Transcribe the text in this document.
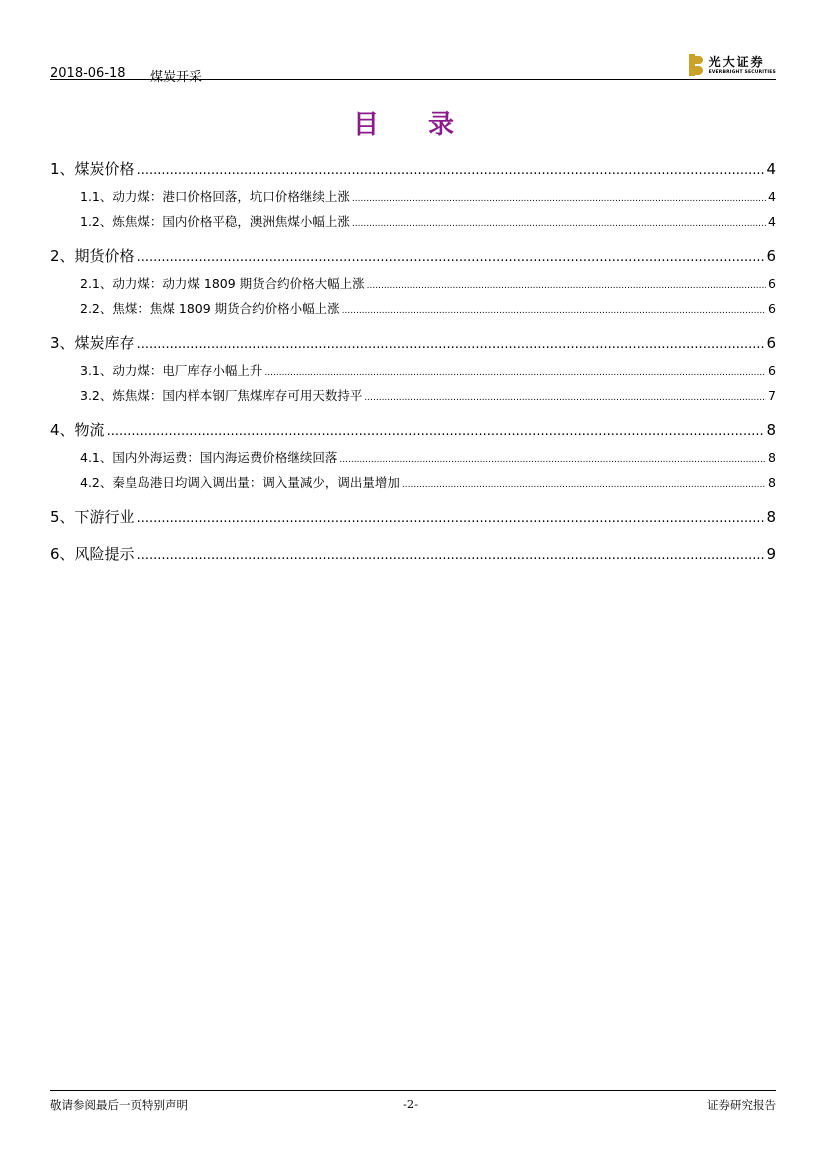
2018-06-18 煤炭开采
光大证券
EVERBRIGHT SECURITIES
目 录
1、 煤炭价格 .....	4
1.1、 动力煤：港口价格回落，坑口价格继续上涨 .....	4
1.2、 炼焦煤：国内价格平稳，澳洲焦煤小幅上涨 .....	4
2、 期货价格 .....	6
2.1、 动力煤：动力煤 1809 期货合约价格大幅上涨 .....	6
2.2、 焦煤：焦煤 1809 期货合约价格小幅上涨 .....	6
3、 煤炭库存 .....	6
3.1、 动力煤：电厂库存小幅上升 .....	6
3.2、 炼焦煤：国内样本钢厂焦煤库存可用天数持平 .....	7
4、 物流 .....	8
4.1、 国内外海运费：国内海运费价格继续回落 .....	8
4.2、 秦皇岛港日均调入调出量：调入量减少，调出量增加 .....	8
5、 下游行业 .....	8
6、 风险提示 .....	9
敬请参阅最后一页特别声明	-2-	证券研究报告
